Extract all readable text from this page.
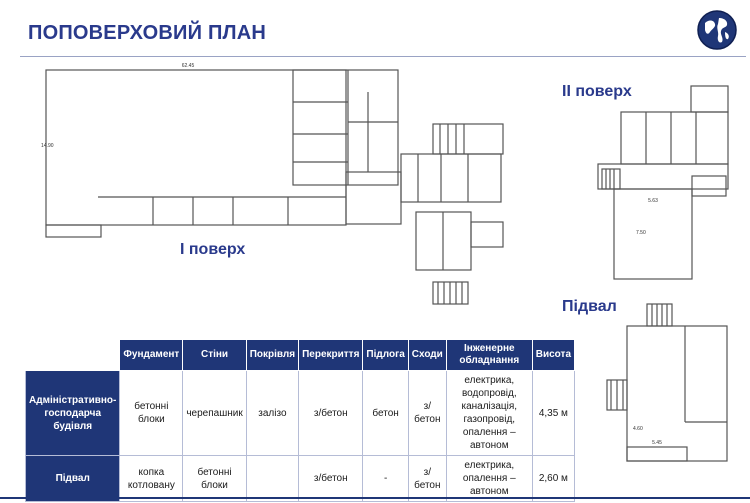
ПОПОВЕРХОВИЙ ПЛАН
62.45
14.90
І поверх
ІІ поверх
5.63
7.50
Підвал
4.60
5.45
	Фундамент	Стіни	Покрівля	Перекриття	Підлога	Сходи	Інженерне обладнання	Висота
Адміністративно-господарча будівля	бетонні блоки	черепашник	залізо	з/бетон	бетон	з/бетон	електрика, водопровід, каналізація, газопровід, опалення – автоном	4,35 м
Підвал	копка котловану	бетонні блоки		з/бетон	-	з/бетон	електрика, опалення – автоном	2,60 м
